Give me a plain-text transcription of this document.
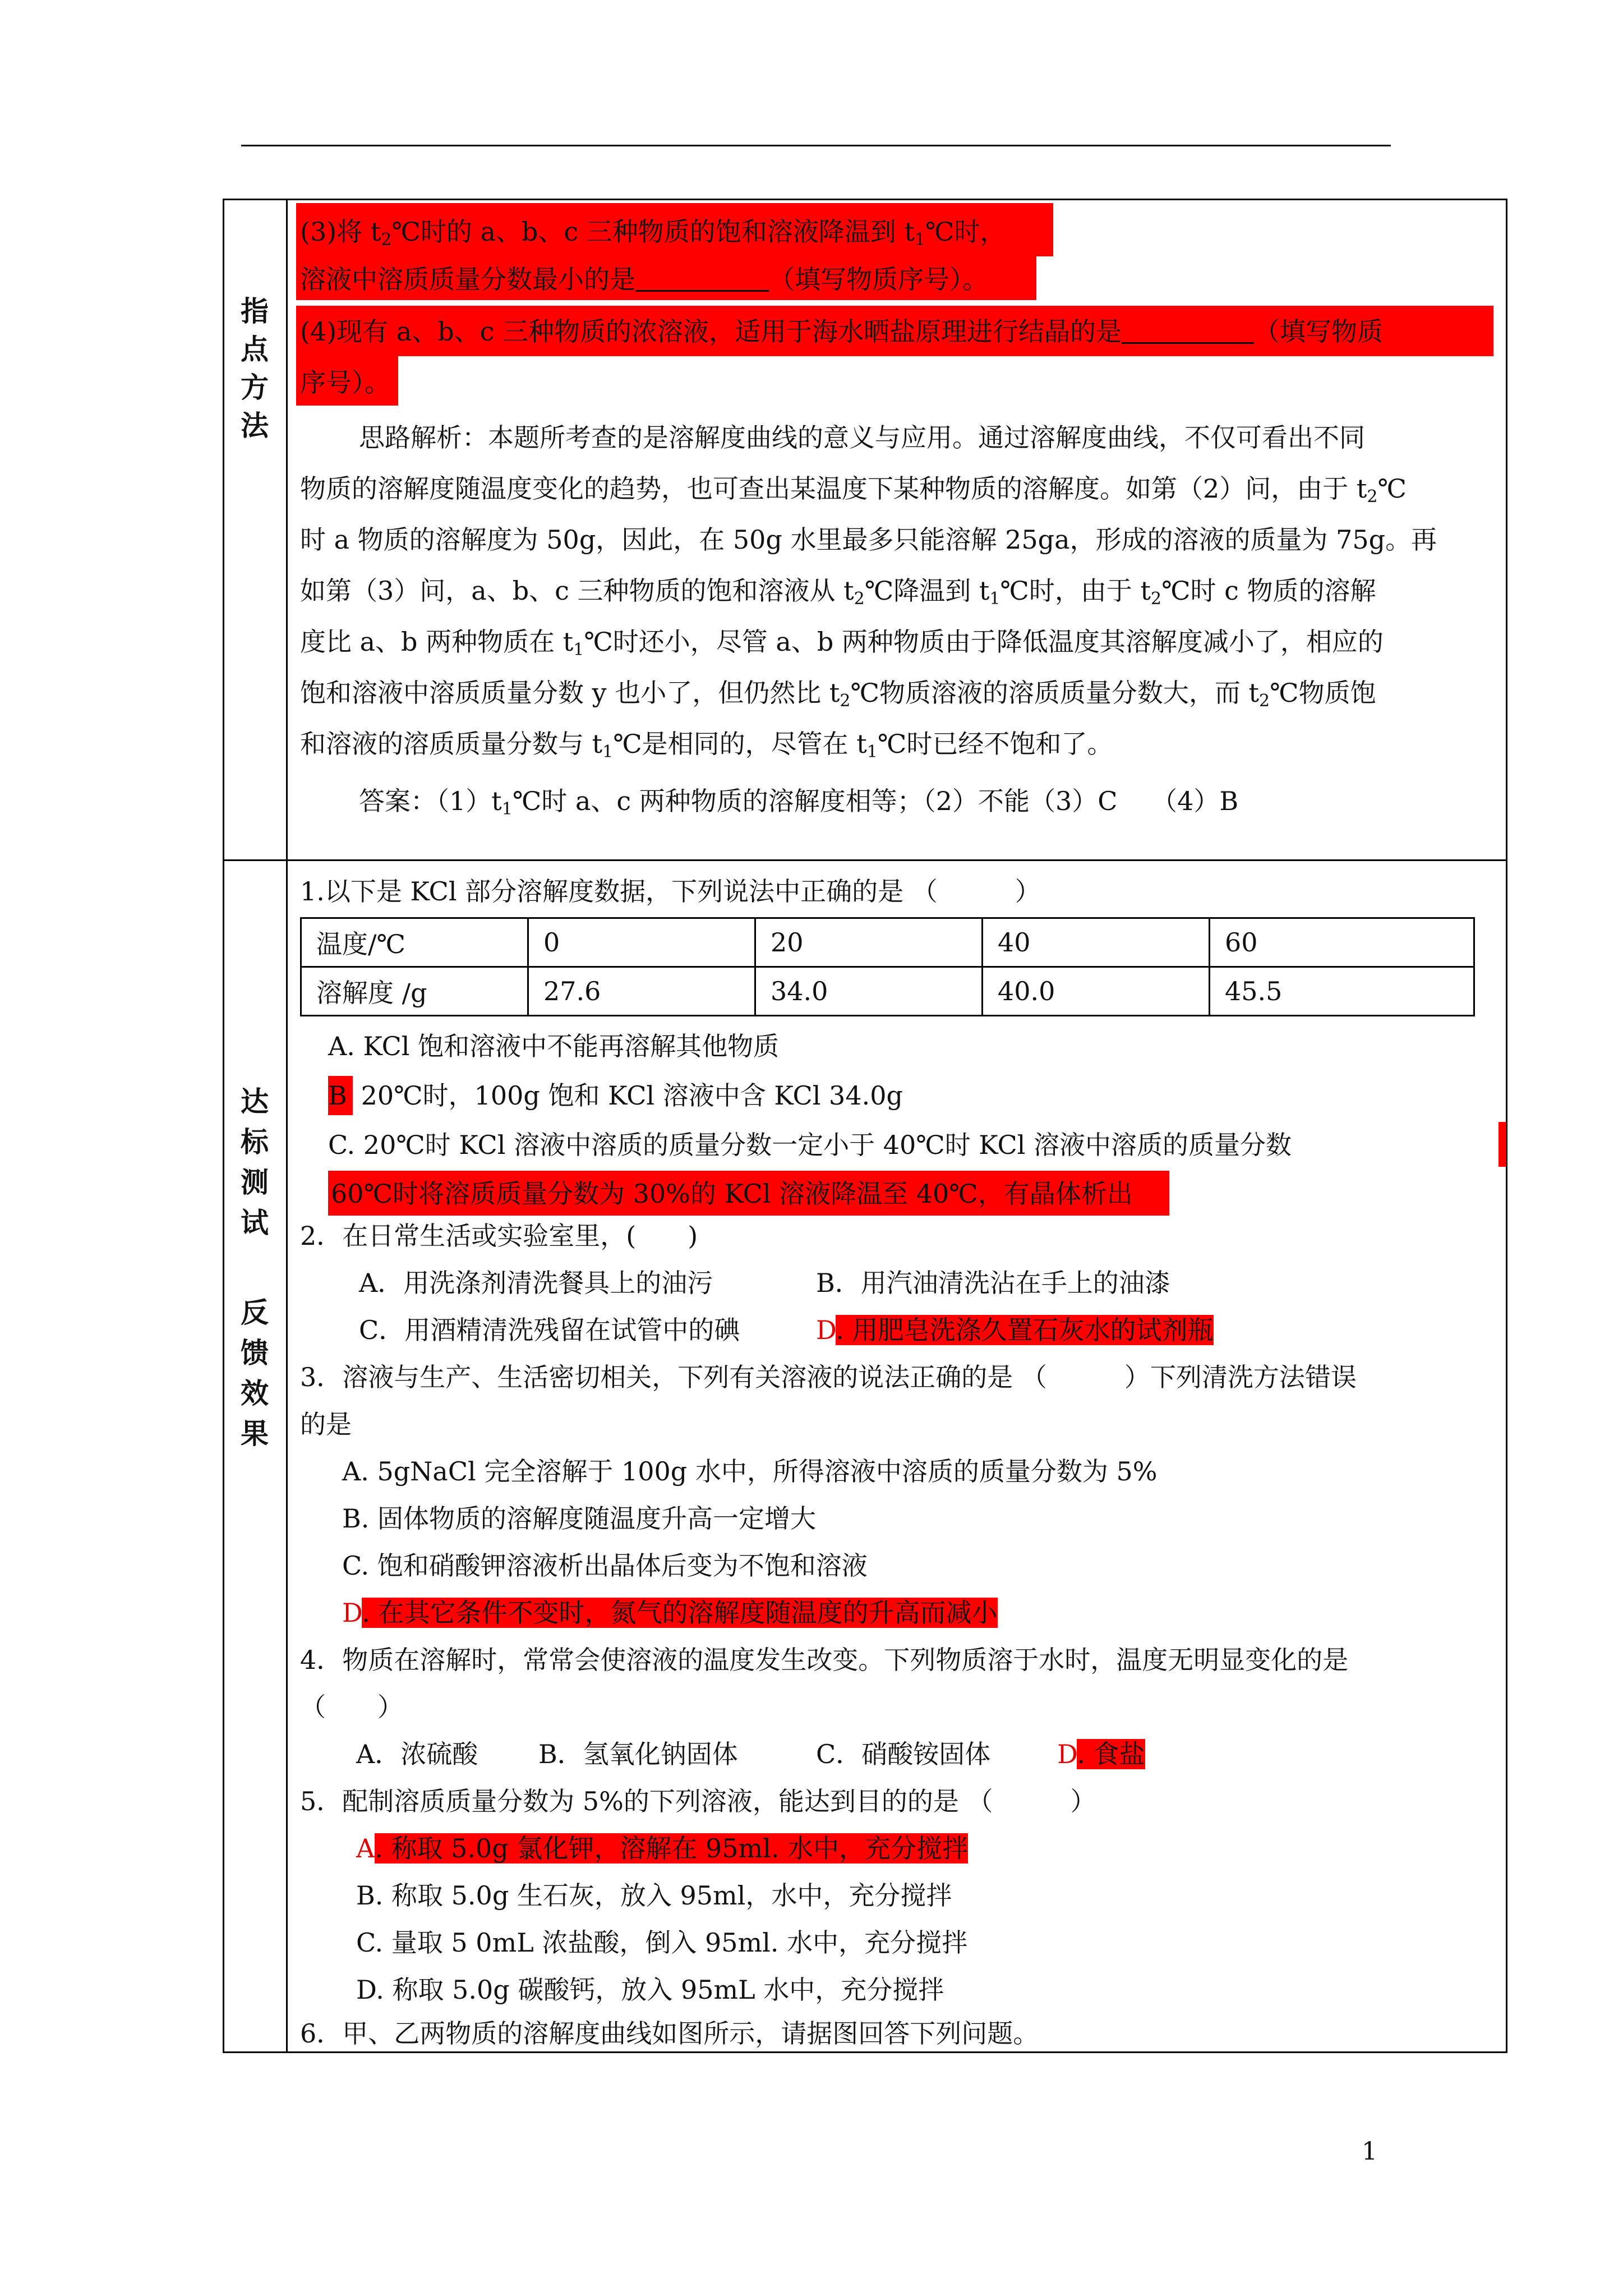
指
点
方
法
达
标
测
试
反
馈
效
果
(3)将 $t_2℃$时的 a、b、c 三种物质的饱和溶液降温到 $t_1℃$时，
溶液中溶质质量分数最小的是	（填写物质序号）。
(4)现有 a、b、c 三种物质的浓溶液，适用于海水晒盐原理进行结晶的是	（填写物质
序号）。
思路解析：本题所考查的是溶解度曲线的意义与应用。通过溶解度曲线，不仅可看出不同
物质的溶解度随温度变化的趋势，也可查出某温度下某种物质的溶解度。如第（2）问，由于 $t_2℃$
时 a 物质的溶解度为 50g，因此，在 50g 水里最多只能溶解 25ga，形成的溶液的质量为 75g。再
如第（3）问，a、b、c 三种物质的饱和溶液从 $t_2℃$降温到 $t_1℃$时，由于 $t_2℃$时 c 物质的溶解
度比 a、b 两种物质在 $t_1℃$时还小，尽管 a、b 两种物质由于降低温度其溶解度减小了，相应的
饱和溶液中溶质质量分数 y 也小了，但仍然比 $t_2℃$物质溶液的溶质质量分数大，而 $t_2℃$物质饱
和溶液的溶质质量分数与 $t_1℃$是相同的，尽管在 $t_1℃$时已经不饱和了。
答案：$(1)t_1℃$时 a、c 两种物质的溶解度相等；（2）不能（3）C　 （4）B
1.以下是 KCl 部分溶解度数据，下列说法中正确的是 （　　　）
温度/℃	0	20	40	60
溶解度 /g	27.6	34.0	40.0	45.5
A. KCl 饱和溶液中不能再溶解其他物质
B 20℃时，100g 饱和 KCl 溶液中含 KCl 34.0g
C. 20℃时 KCl 溶液中溶质的质量分数一定小于 40℃时 KCl 溶液中溶质的质量分数
60℃时将溶质质量分数为 30%的 KCl 溶液降温至 40℃，有晶体析出
2．在日常生活或实验室里，(　　)
A．用洗涤剂清洗餐具上的油污	B．用汽油清洗沾在手上的油漆
C．用酒精清洗残留在试管中的碘	D. 用肥皂洗涤久置石灰水的试剂瓶
3．溶液与生产、生活密切相关，下列有关溶液的说法正确的是 （　　　）下列清洗方法错误
的是
A. 5gNaCl 完全溶解于 100g 水中，所得溶液中溶质的质量分数为 5%
B. 固体物质的溶解度随温度升高一定增大
C. 饱和硝酸钾溶液析出晶体后变为不饱和溶液
D. 在其它条件不变时，氮气的溶解度随温度的升高而减小
4．物质在溶解时，常常会使溶液的温度发生改变。下列物质溶于水时，温度无明显变化的是
（　　）
A．浓硫酸 B．氢氧化钠固体	C．硝酸铵固体	D. 食盐
5．配制溶质质量分数为 5%的下列溶液，能达到目的的是 （　　　）
A. 称取 5.0g 氯化钾，溶解在 95ml. 水中，充分搅拌
B. 称取 5.0g 生石灰，放入 95ml，水中，充分搅拌
C. 量取 5 0mL 浓盐酸，倒入 95ml. 水中，充分搅拌
D. 称取 5.0g 碳酸钙，放入 95mL 水中，充分搅拌
6．甲、乙两物质的溶解度曲线如图所示，请据图回答下列问题。
1
